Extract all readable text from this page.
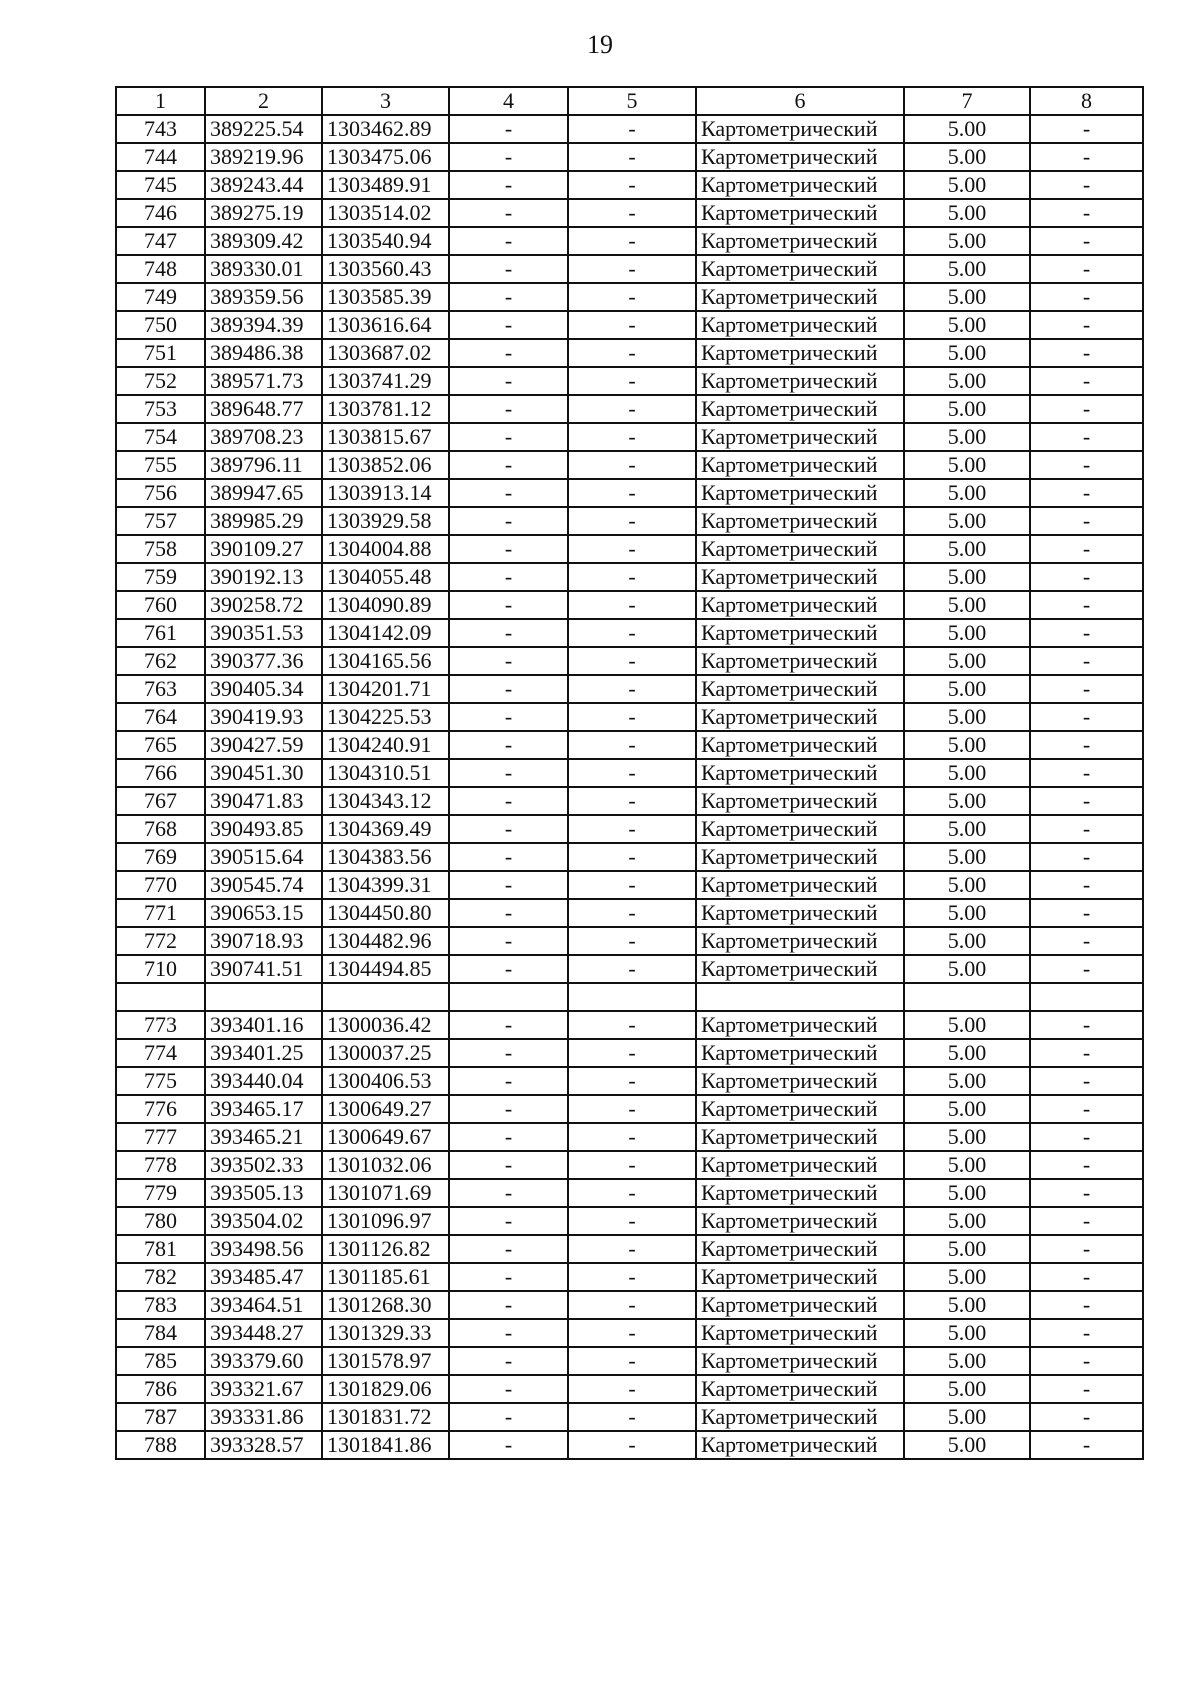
19
1	2	3	4	5	6	7	8
743	389225.54	1303462.89	-	-	Картометрический	5.00	-
744	389219.96	1303475.06	-	-	Картометрический	5.00	-
745	389243.44	1303489.91	-	-	Картометрический	5.00	-
746	389275.19	1303514.02	-	-	Картометрический	5.00	-
747	389309.42	1303540.94	-	-	Картометрический	5.00	-
748	389330.01	1303560.43	-	-	Картометрический	5.00	-
749	389359.56	1303585.39	-	-	Картометрический	5.00	-
750	389394.39	1303616.64	-	-	Картометрический	5.00	-
751	389486.38	1303687.02	-	-	Картометрический	5.00	-
752	389571.73	1303741.29	-	-	Картометрический	5.00	-
753	389648.77	1303781.12	-	-	Картометрический	5.00	-
754	389708.23	1303815.67	-	-	Картометрический	5.00	-
755	389796.11	1303852.06	-	-	Картометрический	5.00	-
756	389947.65	1303913.14	-	-	Картометрический	5.00	-
757	389985.29	1303929.58	-	-	Картометрический	5.00	-
758	390109.27	1304004.88	-	-	Картометрический	5.00	-
759	390192.13	1304055.48	-	-	Картометрический	5.00	-
760	390258.72	1304090.89	-	-	Картометрический	5.00	-
761	390351.53	1304142.09	-	-	Картометрический	5.00	-
762	390377.36	1304165.56	-	-	Картометрический	5.00	-
763	390405.34	1304201.71	-	-	Картометрический	5.00	-
764	390419.93	1304225.53	-	-	Картометрический	5.00	-
765	390427.59	1304240.91	-	-	Картометрический	5.00	-
766	390451.30	1304310.51	-	-	Картометрический	5.00	-
767	390471.83	1304343.12	-	-	Картометрический	5.00	-
768	390493.85	1304369.49	-	-	Картометрический	5.00	-
769	390515.64	1304383.56	-	-	Картометрический	5.00	-
770	390545.74	1304399.31	-	-	Картометрический	5.00	-
771	390653.15	1304450.80	-	-	Картометрический	5.00	-
772	390718.93	1304482.96	-	-	Картометрический	5.00	-
710	390741.51	1304494.85	-	-	Картометрический	5.00	-

773	393401.16	1300036.42	-	-	Картометрический	5.00	-
774	393401.25	1300037.25	-	-	Картометрический	5.00	-
775	393440.04	1300406.53	-	-	Картометрический	5.00	-
776	393465.17	1300649.27	-	-	Картометрический	5.00	-
777	393465.21	1300649.67	-	-	Картометрический	5.00	-
778	393502.33	1301032.06	-	-	Картометрический	5.00	-
779	393505.13	1301071.69	-	-	Картометрический	5.00	-
780	393504.02	1301096.97	-	-	Картометрический	5.00	-
781	393498.56	1301126.82	-	-	Картометрический	5.00	-
782	393485.47	1301185.61	-	-	Картометрический	5.00	-
783	393464.51	1301268.30	-	-	Картометрический	5.00	-
784	393448.27	1301329.33	-	-	Картометрический	5.00	-
785	393379.60	1301578.97	-	-	Картометрический	5.00	-
786	393321.67	1301829.06	-	-	Картометрический	5.00	-
787	393331.86	1301831.72	-	-	Картометрический	5.00	-
788	393328.57	1301841.86	-	-	Картометрический	5.00	-
